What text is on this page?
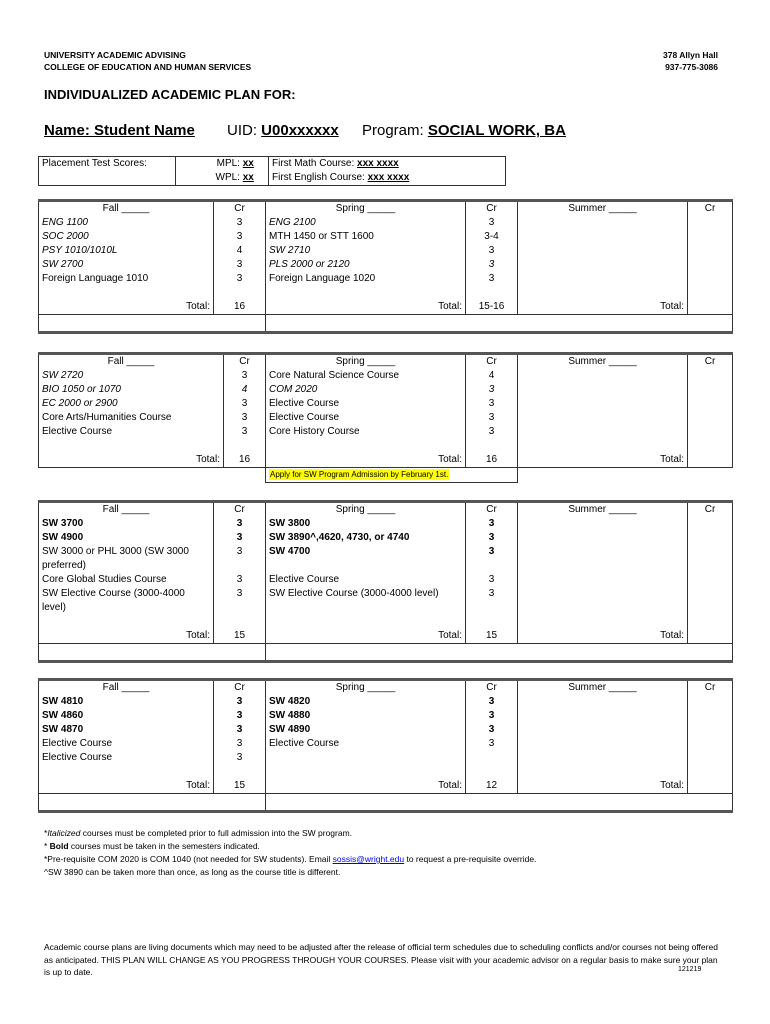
UNIVERSITY ACADEMIC ADVISING
COLLEGE OF EDUCATION AND HUMAN SERVICES
378 Allyn Hall
937-775-3086
INDIVIDUALIZED ACADEMIC PLAN FOR:
Name: Student Name UID: U00xxxxxx Program: SOCIAL WORK, BA
Placement Test Scores:	MPL: xx	First Math Course: xxx xxxx
	WPL: xx	First English Course: xxx xxxx
Fall _____	Cr	Spring _____	Cr	Summer _____	Cr
ENG 1100	3	ENG 2100	3		
SOC 2000	3	MTH 1450 or STT 1600	3-4		
PSY 1010/1010L	4	SW 2710	3		
SW 2700	3	PLS 2000 or 2120	3		
Foreign Language 1010	3	Foreign Language 1020	3		

Total:	16	Total:	15-16	Total:	

Fall _____	Cr	Spring _____	Cr	Summer _____	Cr
SW 2720	3	Core Natural Science Course	4		
BIO 1050 or 1070	4	COM 2020	3		
EC 2000 or 2900	3	Elective Course	3		
Core Arts/Humanities Course	3	Elective Course	3		
Elective Course	3	Core History Course	3		

Total:	16	Total:	16	Total:	
		Apply for SW Program Admission by February 1st.			
Fall _____	Cr	Spring _____	Cr	Summer _____	Cr
SW 3700	3	SW 3800	3		
SW 4900	3	SW 3890^,4620, 4730, or 4740	3		
SW 3000 or PHL 3000 (SW 3000 preferred)	3	SW 4700	3		
Core Global Studies Course	3	Elective Course	3		
SW Elective Course (3000-4000 level)	3	SW Elective Course (3000-4000 level)	3		

Total:	15	Total:	15	Total:	

Fall _____	Cr	Spring _____	Cr	Summer _____	Cr
SW 4810	3	SW 4820	3		
SW 4860	3	SW 4880	3		
SW 4870	3	SW 4890	3		
Elective Course	3	Elective Course	3		
Elective Course	3				

Total:	15	Total:	12	Total:	

*Italicized courses must be completed prior to full admission into the SW program.
* Bold courses must be taken in the semesters indicated.
*Pre-requisite COM 2020 is COM 1040 (not needed for SW students). Email sossis@wright.edu to request a pre-requisite override.
^SW 3890 can be taken more than once, as long as the course title is different.
Academic course plans are living documents which may need to be adjusted after the release of official term schedules due to scheduling conflicts and/or courses not being offered as anticipated. THIS PLAN WILL CHANGE AS YOU PROGRESS THROUGH YOUR COURSES. Please visit with your academic advisor on a regular basis to make sure your plan is up to date.	121219
